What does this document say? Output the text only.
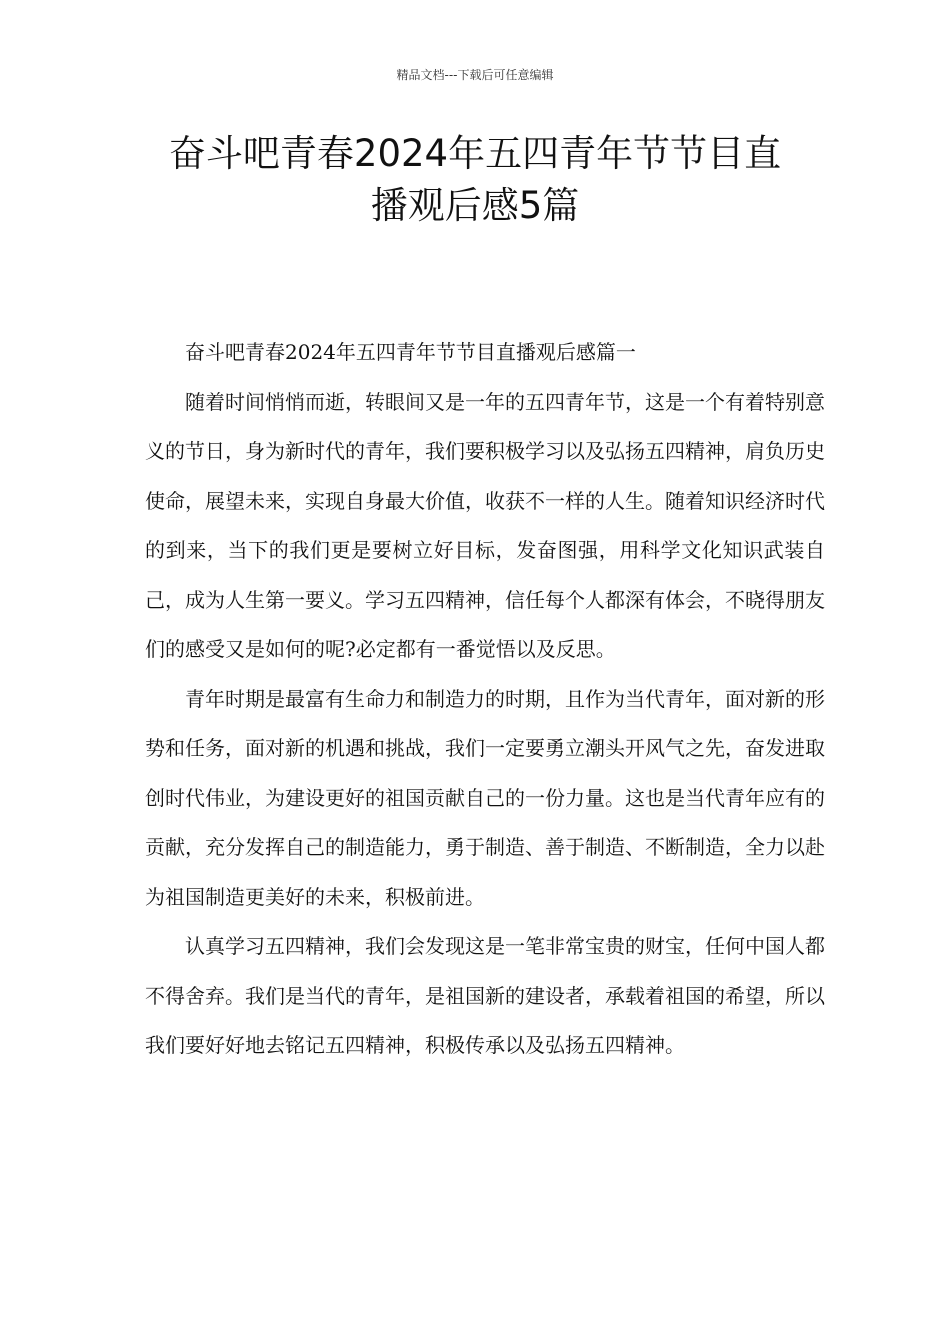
精品文档---下载后可任意编辑
奋斗吧青春2024年五四青年节节目直
播观后感5篇

奋斗吧青春2024年五四青年节节目直播观后感篇一

随着时间悄悄而逝，转眼间又是一年的五四青年节，这是一个有着特别意义的节日，身为新时代的青年，我们要积极学习以及弘扬五四精神，肩负历史使命，展望未来，实现自身最大价值，收获不一样的人生。随着知识经济时代的到来，当下的我们更是要树立好目标，发奋图强，用科学文化知识武装自己，成为人生第一要义。学习五四精神，信任每个人都深有体会，不晓得朋友们的感受又是如何的呢?必定都有一番觉悟以及反思。

青年时期是最富有生命力和制造力的时期，且作为当代青年，面对新的形势和任务，面对新的机遇和挑战，我们一定要勇立潮头开风气之先，奋发进取创时代伟业，为建设更好的祖国贡献自己的一份力量。这也是当代青年应有的贡献，充分发挥自己的制造能力，勇于制造、善于制造、不断制造，全力以赴为祖国制造更美好的未来，积极前进。

认真学习五四精神，我们会发现这是一笔非常宝贵的财宝，任何中国人都不得舍弃。我们是当代的青年，是祖国新的建设者，承载着祖国的希望，所以我们要好好地去铭记五四精神，积极传承以及弘扬五四精神。
